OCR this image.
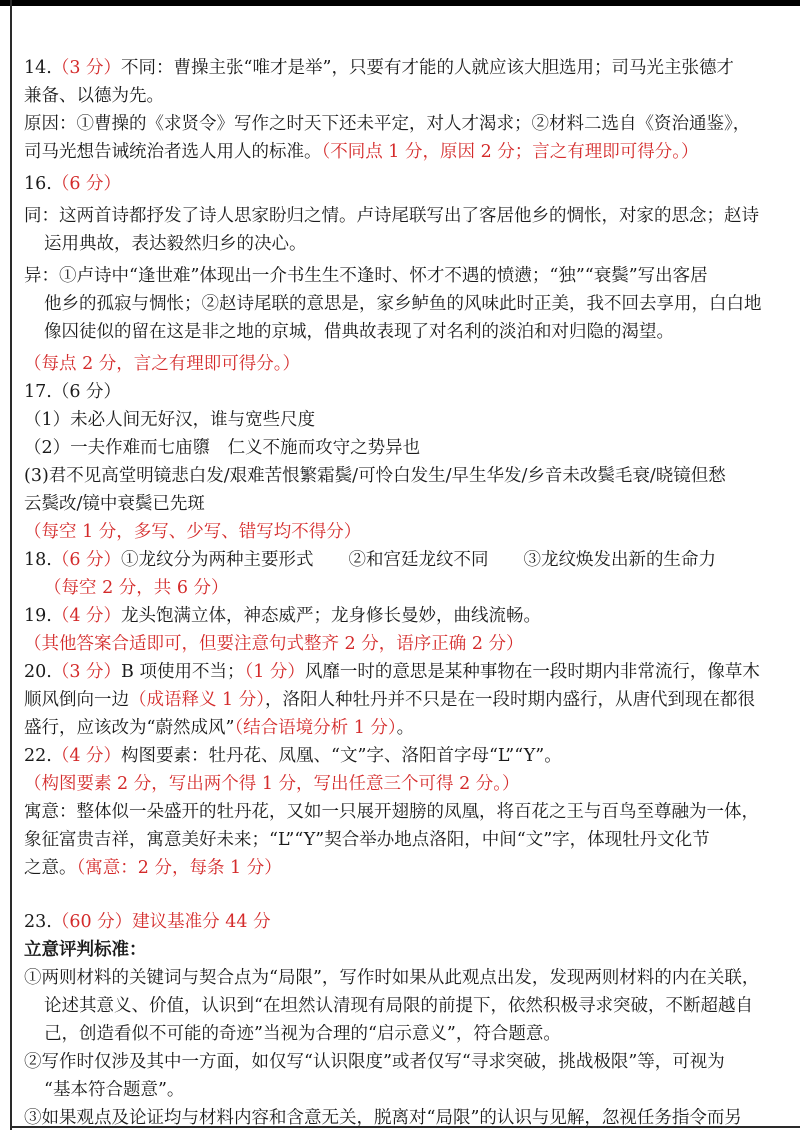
14.（3 分）不同：曹操主张“唯才是举”，只要有才能的人就应该大胆选用；司马光主张德才
兼备、以德为先。
原因：①曹操的《求贤令》写作之时天下还未平定，对人才渴求；②材料二选自《资治通鉴》，
司马光想告诫统治者选人用人的标准。（不同点 1 分，原因 2 分；言之有理即可得分。）
16.（6 分）
同：这两首诗都抒发了诗人思家盼归之情。卢诗尾联写出了客居他乡的惆怅，对家的思念；赵诗
运用典故，表达毅然归乡的决心。
异：①卢诗中“逢世难”体现出一介书生生不逢时、怀才不遇的愤懑；“独”“衰鬓”写出客居
他乡的孤寂与惆怅；②赵诗尾联的意思是，家乡鲈鱼的风味此时正美，我不回去享用，白白地
像囚徒似的留在这是非之地的京城，借典故表现了对名利的淡泊和对归隐的渴望。
（每点 2 分，言之有理即可得分。）
17.（6 分）
（1）未必人间无好汉，谁与宽些尺度
（2）一夫作难而七庙隳　仁义不施而攻守之势异也
(3)君不见高堂明镜悲白发/艰难苦恨繁霜鬓/可怜白发生/早生华发/乡音未改鬓毛衰/晓镜但愁
云鬓改/镜中衰鬓已先斑
（每空 1 分，多写、少写、错写均不得分）
18.（6 分）①龙纹分为两种主要形式　　②和宫廷龙纹不同　　③龙纹焕发出新的生命力
（每空 2 分，共 6 分）
19.（4 分）龙头饱满立体，神态威严；龙身修长曼妙，曲线流畅。
（其他答案合适即可，但要注意句式整齐 2 分，语序正确 2 分）
20.（3 分）B 项使用不当；（1 分）风靡一时的意思是某种事物在一段时期内非常流行，像草木
顺风倒向一边（成语释义 1 分），洛阳人种牡丹并不只是在一段时期内盛行，从唐代到现在都很
盛行，应该改为“蔚然成风”（结合语境分析 1 分）。
22.（4 分）构图要素：牡丹花、凤凰、“文”字、洛阳首字母“L”“Y”。
（构图要素 2 分，写出两个得 1 分，写出任意三个可得 2 分。）
寓意：整体似一朵盛开的牡丹花，又如一只展开翅膀的凤凰，将百花之王与百鸟至尊融为一体，
象征富贵吉祥，寓意美好未来；“L”“Y”契合举办地点洛阳，中间“文”字，体现牡丹文化节
之意。（寓意：2 分，每条 1 分）
23.（60 分）建议基准分 44 分
立意评判标准：
①两则材料的关键词与契合点为“局限”，写作时如果从此观点出发，发现两则材料的内在关联，
论述其意义、价值，认识到“在坦然认清现有局限的前提下，依然积极寻求突破，不断超越自
己，创造看似不可能的奇迹”当视为合理的“启示意义”，符合题意。
②写作时仅涉及其中一方面，如仅写“认识限度”或者仅写“寻求突破，挑战极限”等，可视为
“基本符合题意”。
③如果观点及论证均与材料内容和含意无关，脱离对“局限”的认识与见解，忽视任务指令而另
